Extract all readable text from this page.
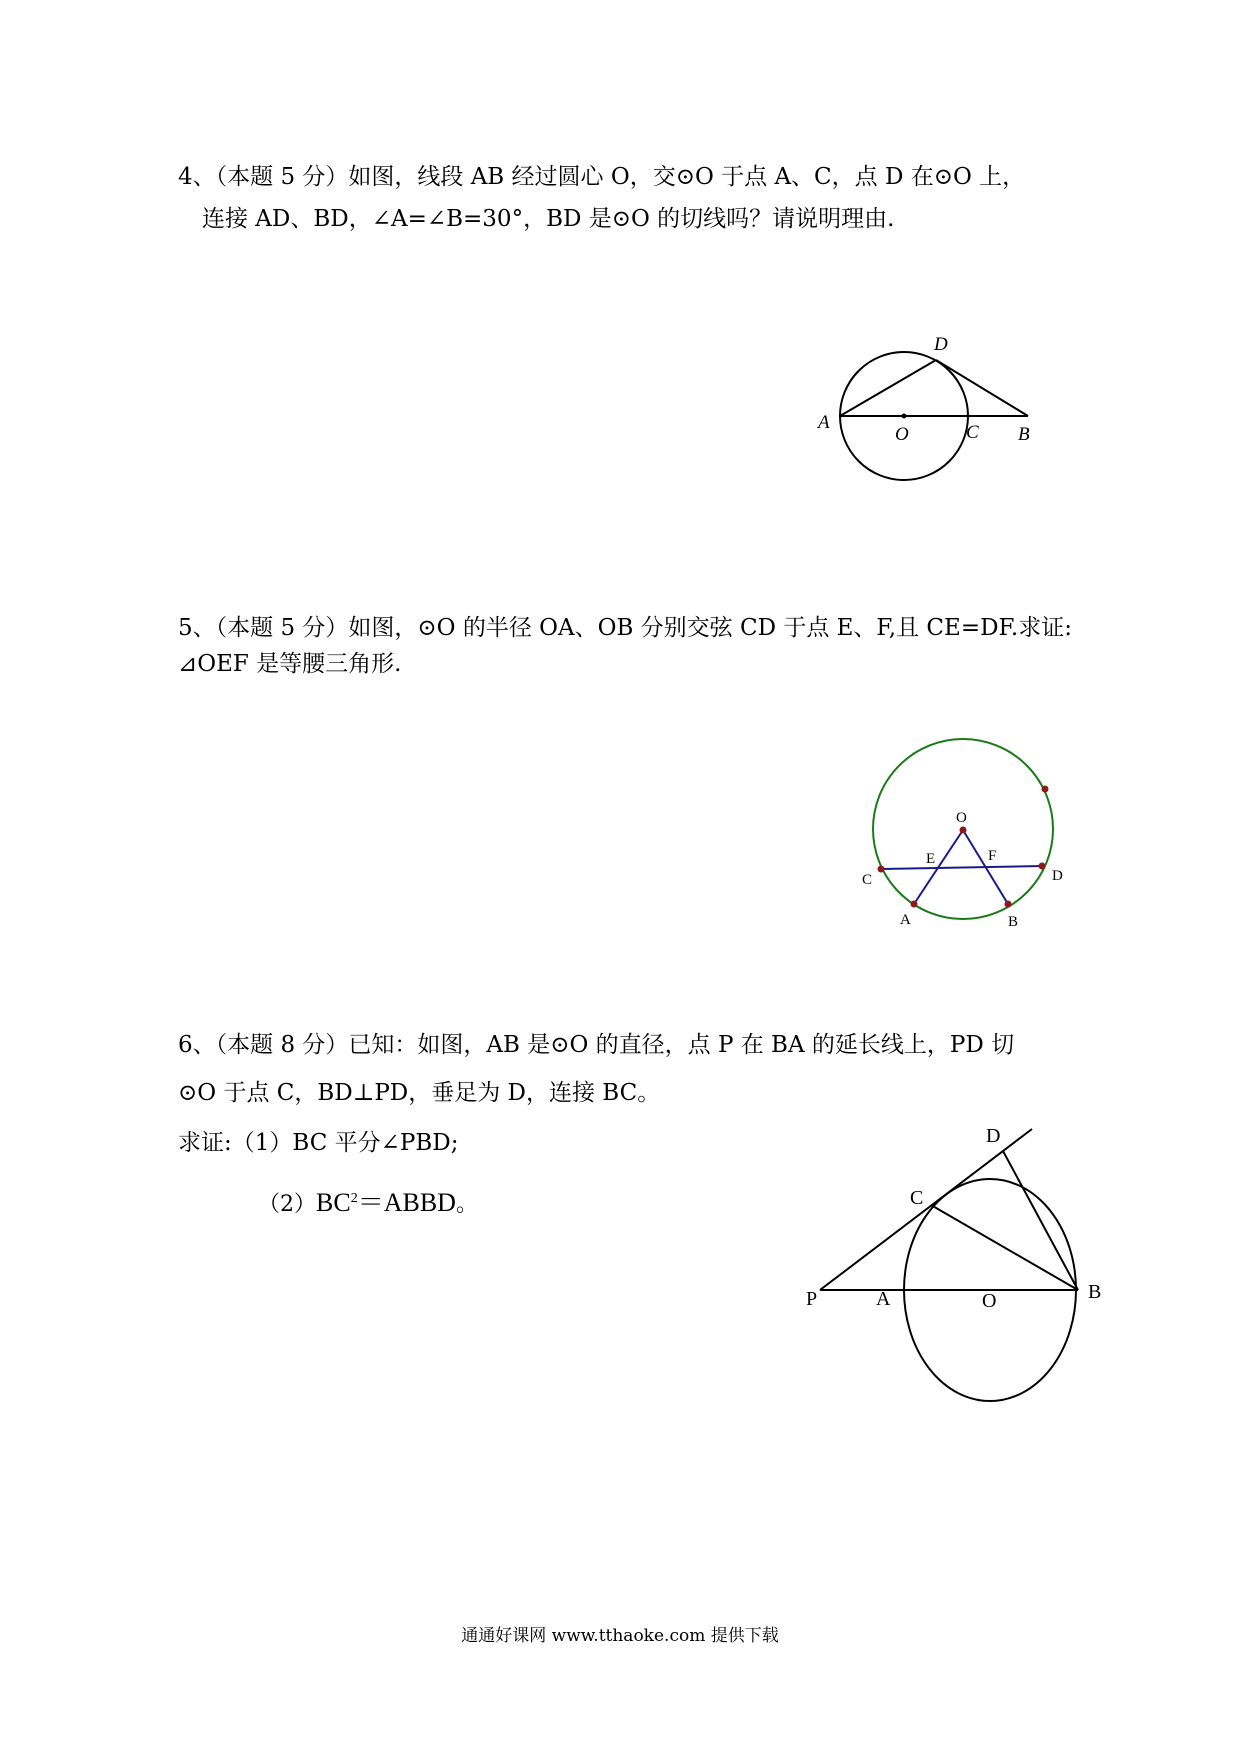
4、（本题 5 分）如图，线段 AB 经过圆心 O，交⊙O 于点 A、C，点 D 在⊙O 上，
连接 AD、BD，∠A=∠B=30°，BD 是⊙O 的切线吗？请说明理由.
A
O	C B
D
5、（本题 5 分）如图，⊙O 的半径 OA、OB 分别交弦 CD 于点 E、F,且 CE=DF.求证:
⊿OEF 是等腰三角形.
O
E	F
C	D
A	B
6、（本题 8 分）已知：如图，AB 是⊙O 的直径，点 P 在 BA 的延长线上，PD 切
⊙O 于点 C，BD⊥PD，垂足为 D，连接 BC。
求证:（1）BC 平分∠PBD;
$(2)BC^2=ABBD$。
D
C
P	A	O	B
通通好课网 www.tthaoke.com 提供下载
